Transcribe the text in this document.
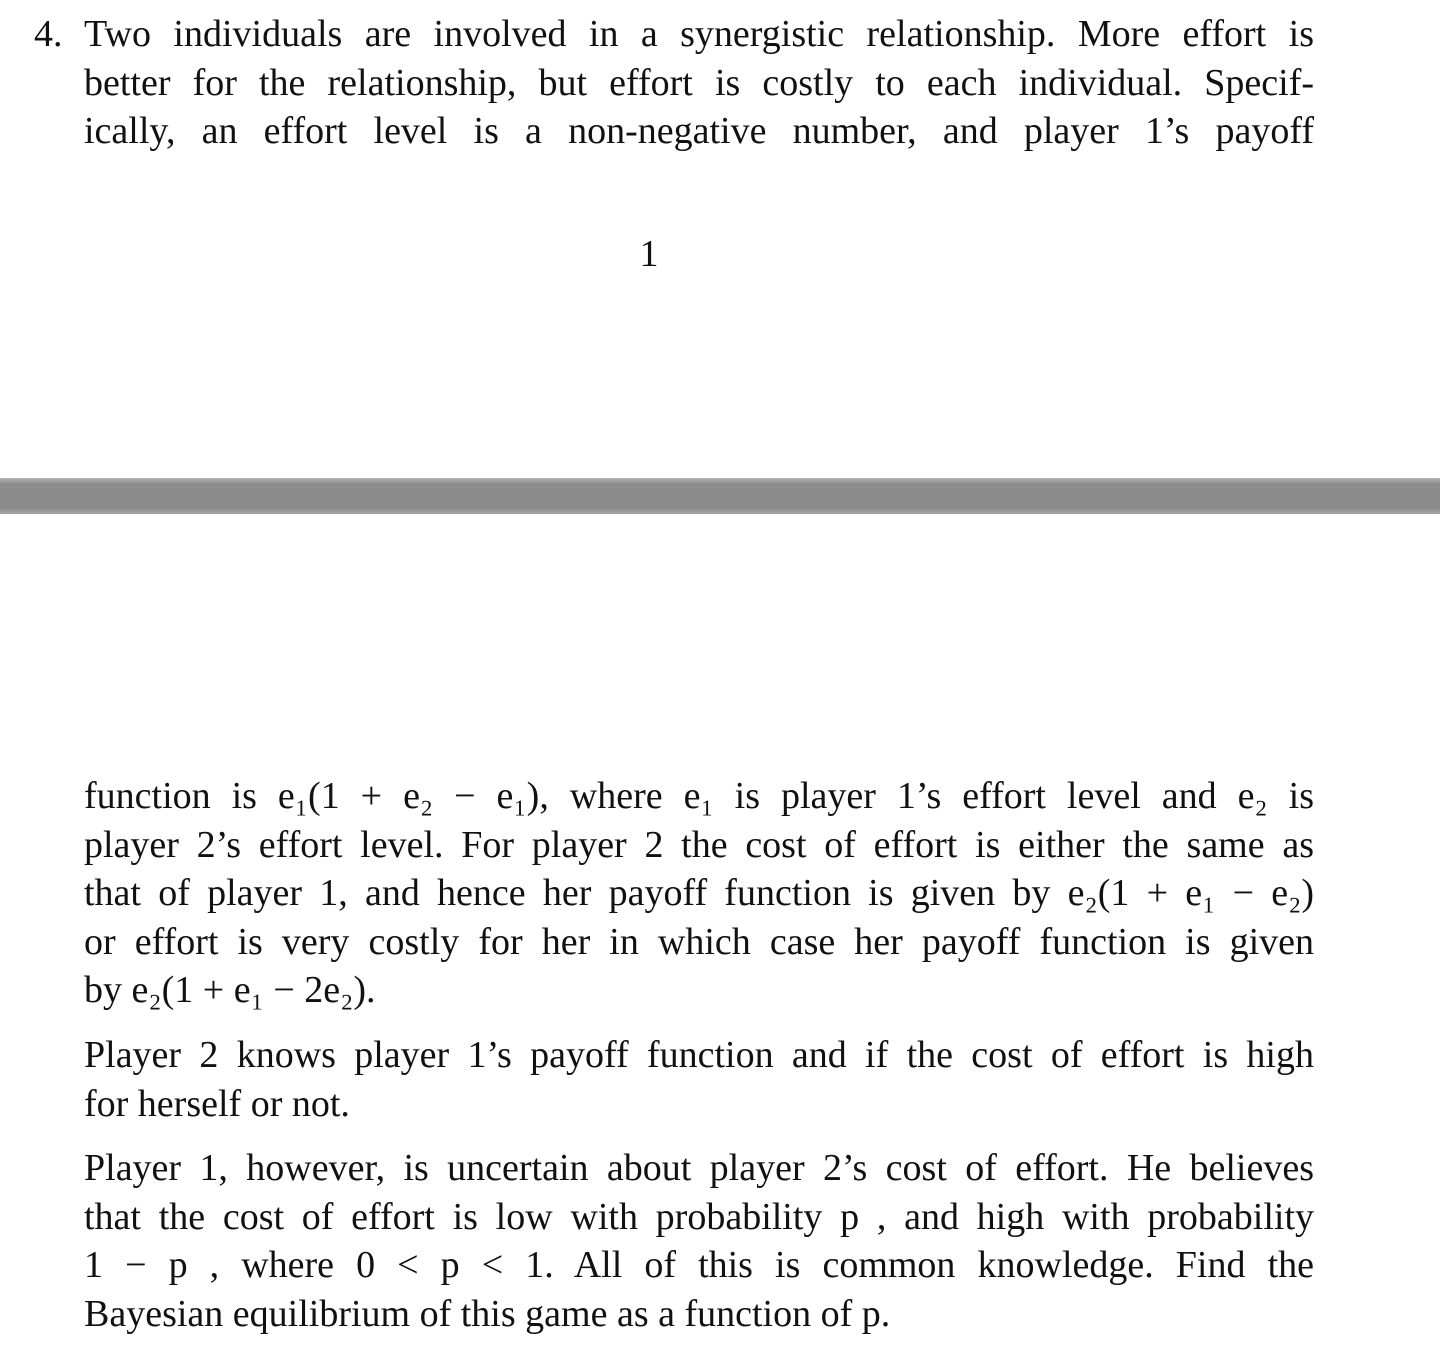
4. Two individuals are involved in a synergistic relationship. More effort is
better for the relationship, but effort is costly to each individual. Specif-
ically, an effort level is a non-negative number, and player 1’s payoff

1

function is e₁(1 + e₂ − e₁), where e₁ is player 1’s effort level and e₂ is
player 2’s effort level. For player 2 the cost of effort is either the same as
that of player 1, and hence her payoff function is given by e₂(1 + e₁ − e₂)
or effort is very costly for her in which case her payoff function is given
by e₂(1 + e₁ − 2e₂).

Player 2 knows player 1’s payoff function and if the cost of effort is high
for herself or not.

Player 1, however, is uncertain about player 2’s cost of effort. He believes
that the cost of effort is low with probability p , and high with probability
1 − p , where 0 < p < 1. All of this is common knowledge. Find the
Bayesian equilibrium of this game as a function of p.
